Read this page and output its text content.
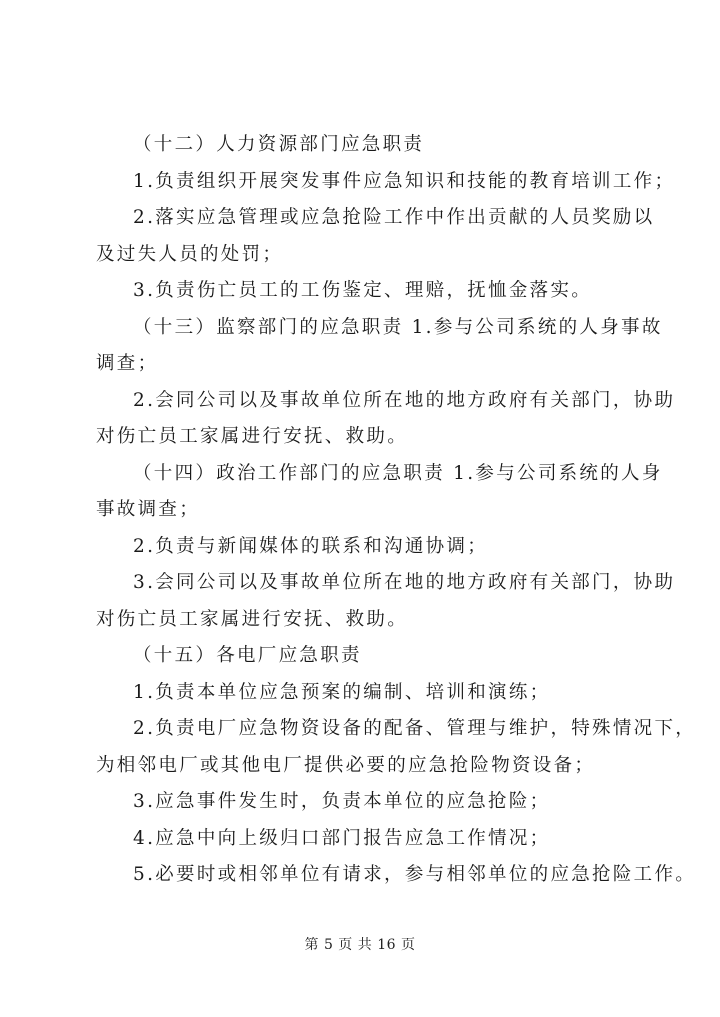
（十二）人力资源部门应急职责
1.负责组织开展突发事件应急知识和技能的教育培训工作；
2.落实应急管理或应急抢险工作中作出贡献的人员奖励以
及过失人员的处罚；
3.负责伤亡员工的工伤鉴定、理赔，抚恤金落实。
（十三）监察部门的应急职责 1.参与公司系统的人身事故
调查；
2.会同公司以及事故单位所在地的地方政府有关部门，协助
对伤亡员工家属进行安抚、救助。
（十四）政治工作部门的应急职责 1.参与公司系统的人身
事故调查；
2.负责与新闻媒体的联系和沟通协调；
3.会同公司以及事故单位所在地的地方政府有关部门，协助
对伤亡员工家属进行安抚、救助。
（十五）各电厂应急职责
1.负责本单位应急预案的编制、培训和演练；
2.负责电厂应急物资设备的配备、管理与维护，特殊情况下，
为相邻电厂或其他电厂提供必要的应急抢险物资设备；
3.应急事件发生时，负责本单位的应急抢险；
4.应急中向上级归口部门报告应急工作情况；
5.必要时或相邻单位有请求，参与相邻单位的应急抢险工作。
第 5 页 共 16 页
